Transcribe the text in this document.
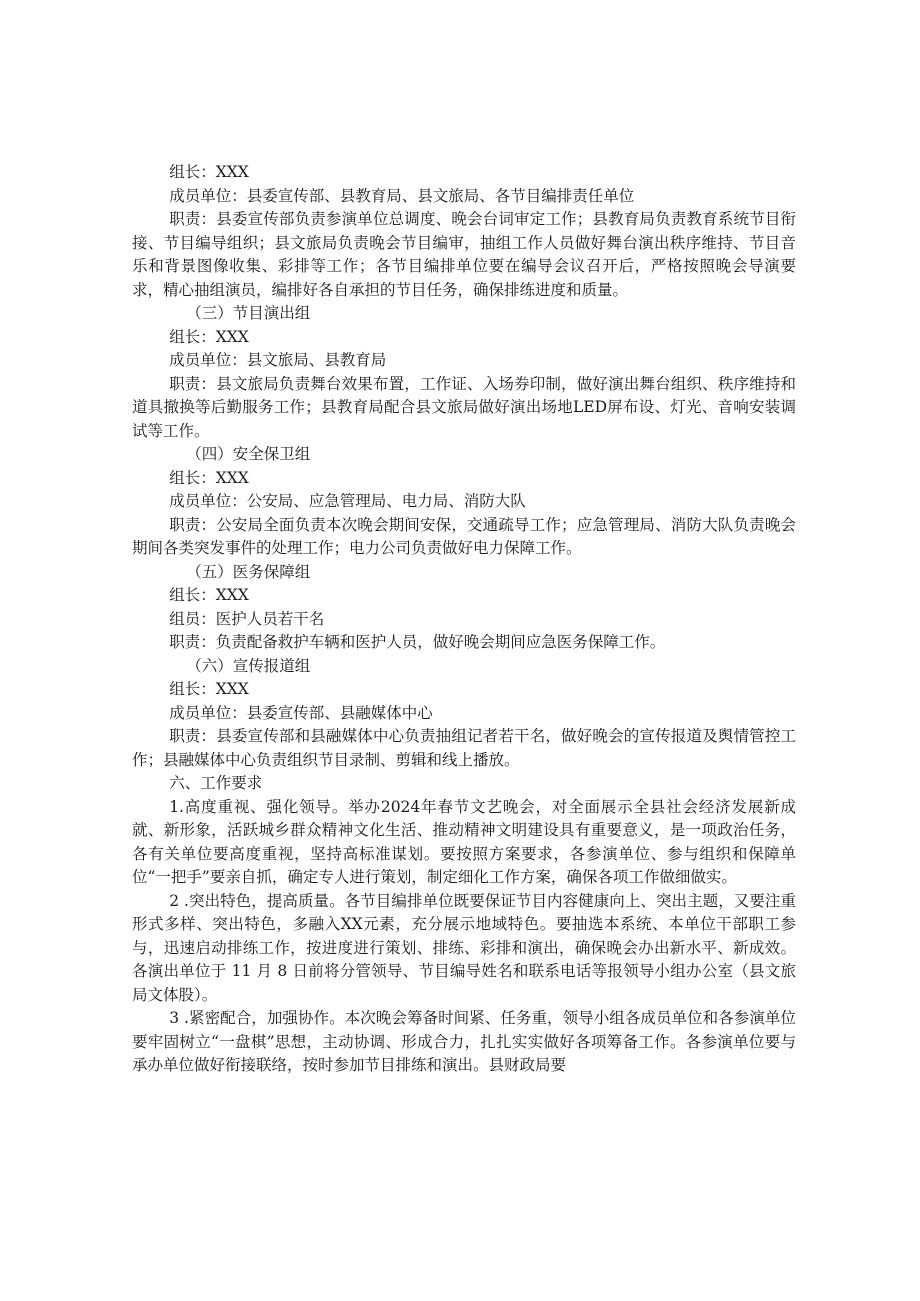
组长：XXX

成员单位：县委宣传部、县教育局、县文旅局、各节目编排责任单位

职责：县委宣传部负责参演单位总调度、晚会台词审定工作；县教育局负责教育系统节目衔接、节目编导组织；县文旅局负责晚会节目编审，抽组工作人员做好舞台演出秩序维持、节目音乐和背景图像收集、彩排等工作；各节目编排单位要在编导会议召开后，严格按照晚会导演要求，精心抽组演员，编排好各自承担的节目任务，确保排练进度和质量。

（三）节目演出组

组长：XXX

成员单位：县文旅局、县教育局

职责：县文旅局负责舞台效果布置，工作证、入场券印制，做好演出舞台组织、秩序维持和道具撤换等后勤服务工作；县教育局配合县文旅局做好演出场地LED屏布设、灯光、音响安装调试等工作。

（四）安全保卫组

组长：XXX

成员单位：公安局、应急管理局、电力局、消防大队

职责：公安局全面负责本次晚会期间安保，交通疏导工作；应急管理局、消防大队负责晚会期间各类突发事件的处理工作；电力公司负责做好电力保障工作。

（五）医务保障组

组长：XXX

组员：医护人员若干名

职责：负责配备救护车辆和医护人员，做好晚会期间应急医务保障工作。

（六）宣传报道组

组长：XXX

成员单位：县委宣传部、县融媒体中心

职责：县委宣传部和县融媒体中心负责抽组记者若干名，做好晚会的宣传报道及舆情管控工作；县融媒体中心负责组织节目录制、剪辑和线上播放。

六、工作要求

1.高度重视、强化领导。举办2024年春节文艺晚会，对全面展示全县社会经济发展新成就、新形象，活跃城乡群众精神文化生活、推动精神文明建设具有重要意义，是一项政治任务，各有关单位要高度重视，坚持高标准谋划。要按照方案要求，各参演单位、参与组织和保障单位“一把手”要亲自抓，确定专人进行策划，制定细化工作方案，确保各项工作做细做实。

2 .突出特色，提高质量。各节目编排单位既要保证节目内容健康向上、突出主题，又要注重形式多样、突出特色，多融入XX元素，充分展示地域特色。要抽选本系统、本单位干部职工参与，迅速启动排练工作，按进度进行策划、排练、彩排和演出，确保晚会办出新水平、新成效。各演出单位于 11 月 8 日前将分管领导、节目编导姓名和联系电话等报领导小组办公室（县文旅局文体股）。

3 .紧密配合，加强协作。本次晚会筹备时间紧、任务重，领导小组各成员单位和各参演单位要牢固树立“一盘棋”思想，主动协调、形成合力，扎扎实实做好各项筹备工作。各参演单位要与承办单位做好衔接联络，按时参加节目排练和演出。县财政局要
